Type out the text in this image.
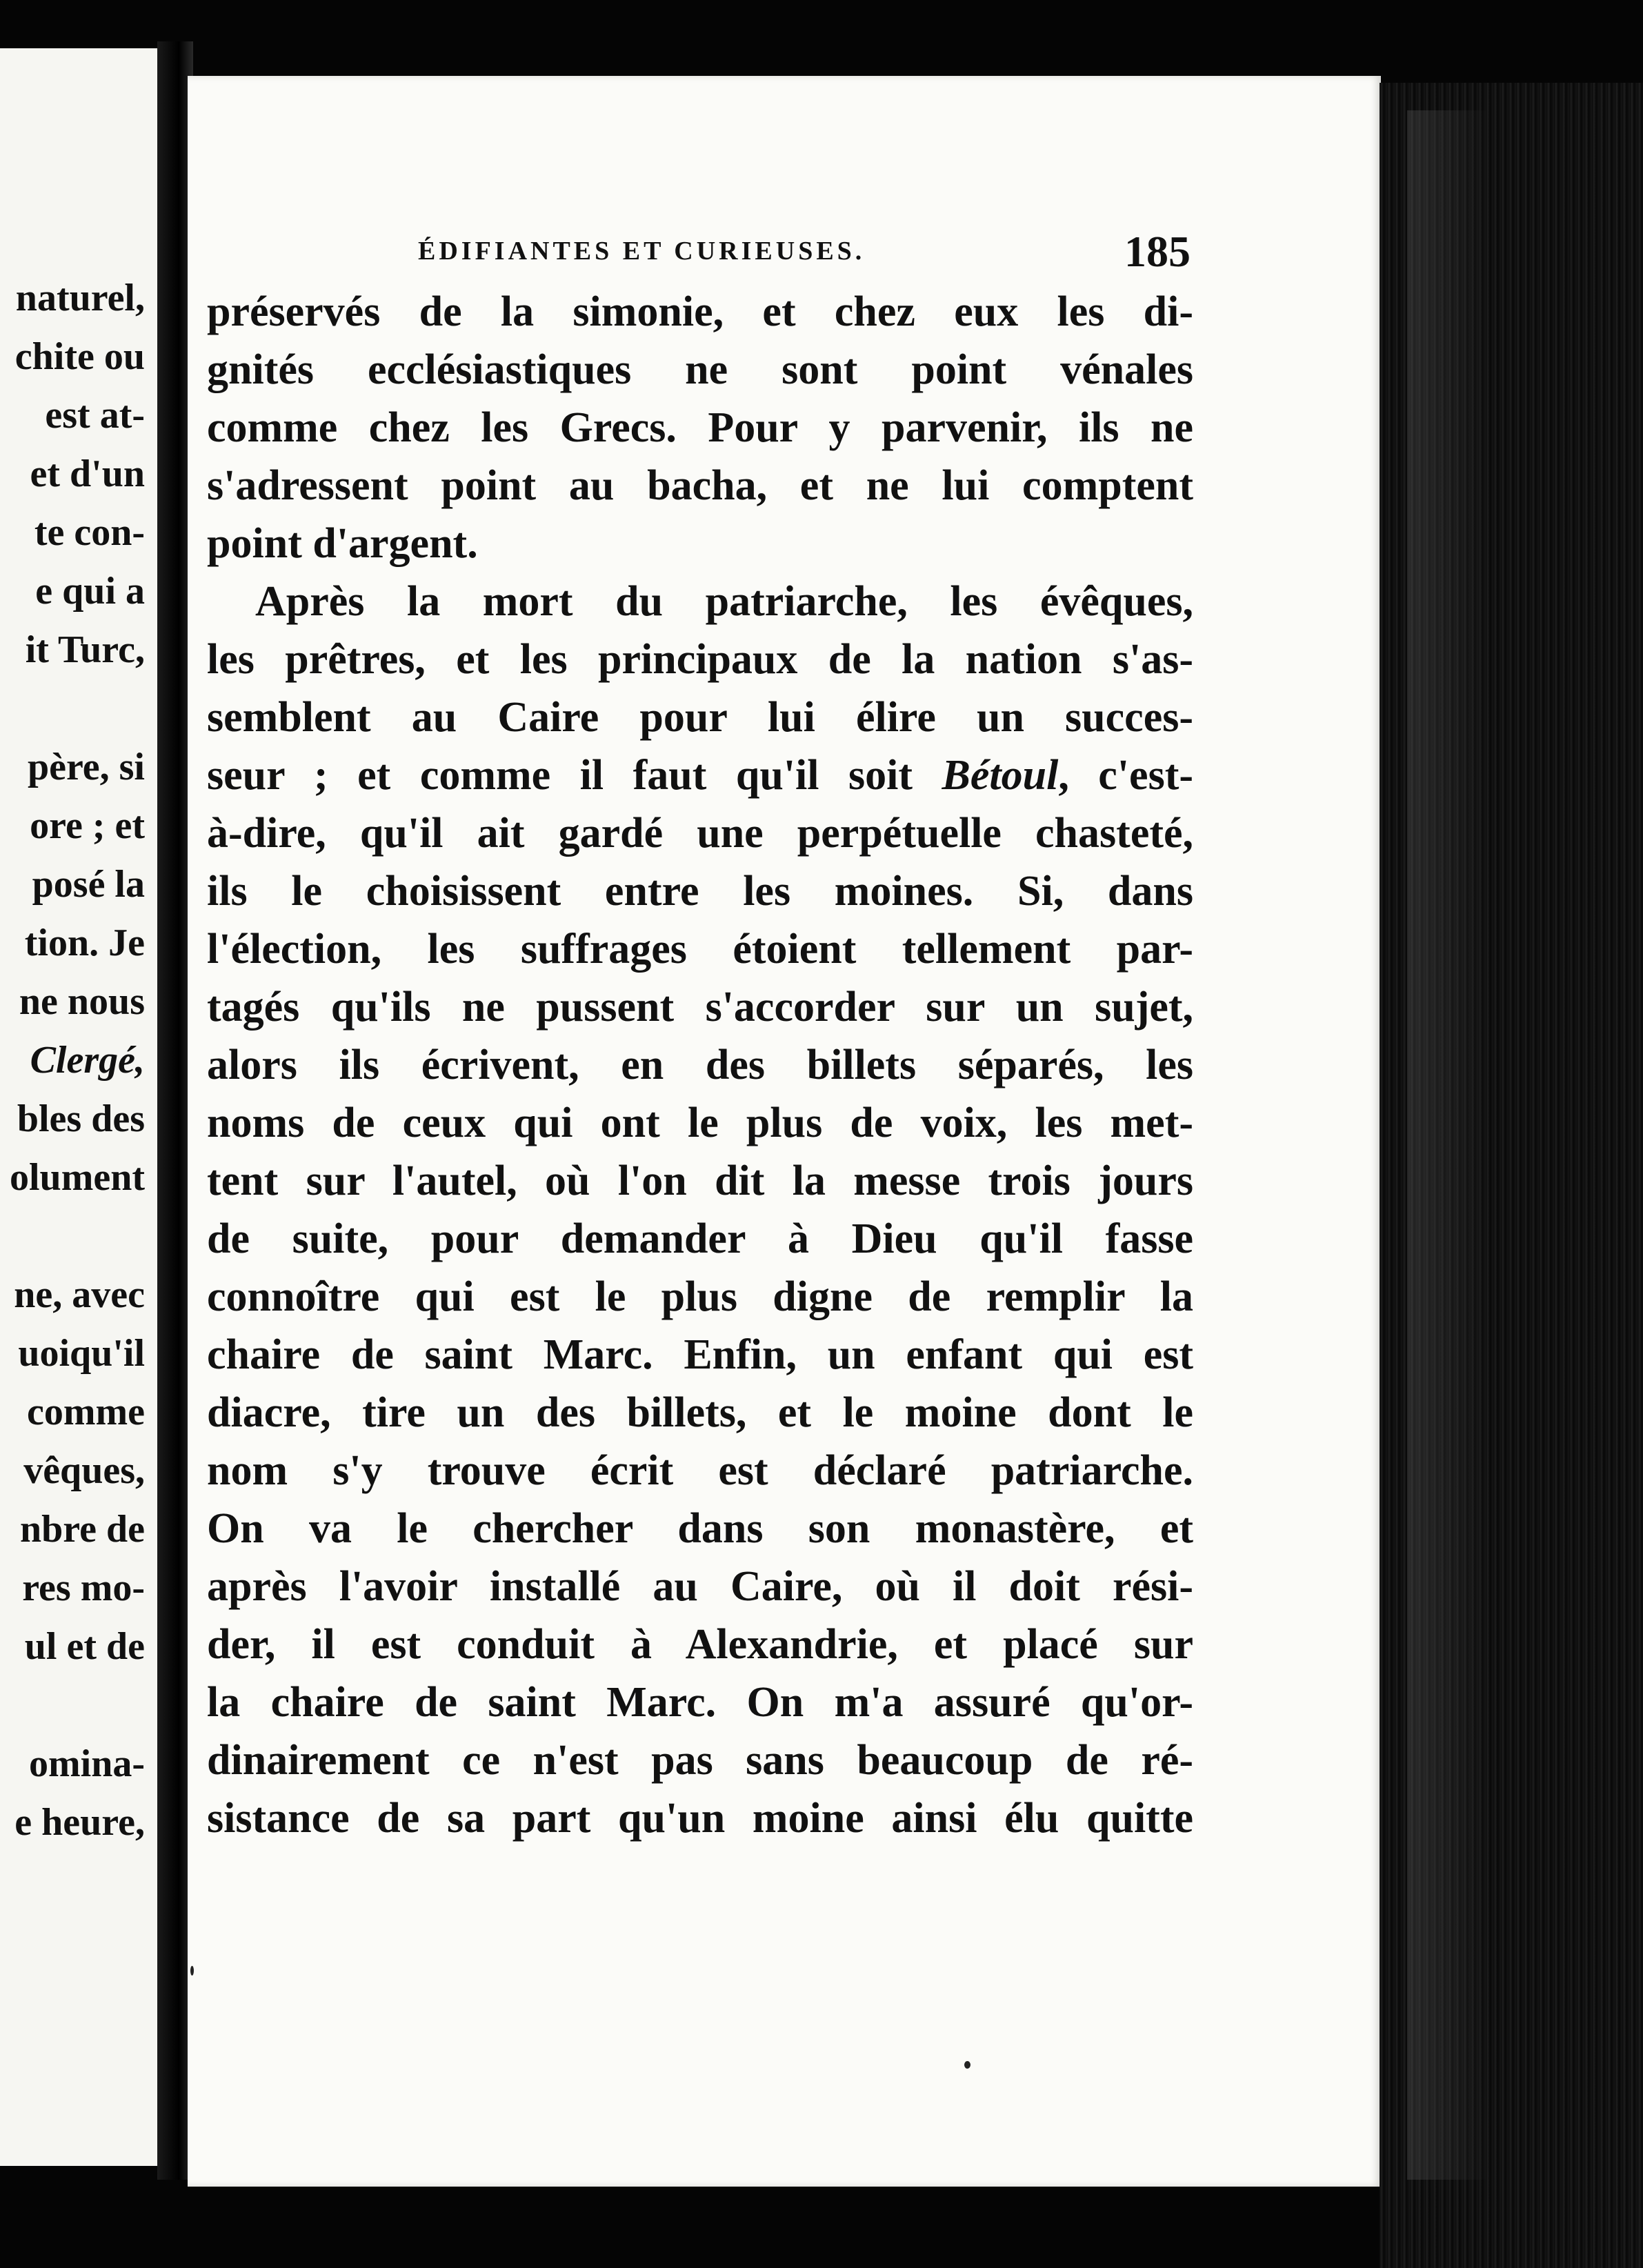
naturel,
chite ou
est at-
et d'un
te con-
e qui a
it Turc,
père, si
ore ; et
posé la
tion. Je
ne nous
Clergé,
bles des
olument
ne, avec
uoiqu'il
comme
vêques,
nbre de
res mo-
ul et de
omina-
e heure,
ÉDIFIANTES ET CURIEUSES.	185
préservés de la simonie, et chez eux les di-
gnités ecclésiastiques ne sont point vénales
comme chez les Grecs. Pour y parvenir, ils ne
s'adressent point au bacha, et ne lui comptent
point d'argent.
Après la mort du patriarche, les évêques,
les prêtres, et les principaux de la nation s'as-
semblent au Caire pour lui élire un succes-
seur ; et comme il faut qu'il soit Bétoul, c'est-
à-dire, qu'il ait gardé une perpétuelle chasteté,
ils le choisissent entre les moines. Si, dans
l'élection, les suffrages étoient tellement par-
tagés qu'ils ne pussent s'accorder sur un sujet,
alors ils écrivent, en des billets séparés, les
noms de ceux qui ont le plus de voix, les met-
tent sur l'autel, où l'on dit la messe trois jours
de suite, pour demander à Dieu qu'il fasse
connoître qui est le plus digne de remplir la
chaire de saint Marc. Enfin, un enfant qui est
diacre, tire un des billets, et le moine dont le
nom s'y trouve écrit est déclaré patriarche.
On va le chercher dans son monastère, et
après l'avoir installé au Caire, où il doit rési-
der, il est conduit à Alexandrie, et placé sur
la chaire de saint Marc. On m'a assuré qu'or-
dinairement ce n'est pas sans beaucoup de ré-
sistance de sa part qu'un moine ainsi élu quitte
